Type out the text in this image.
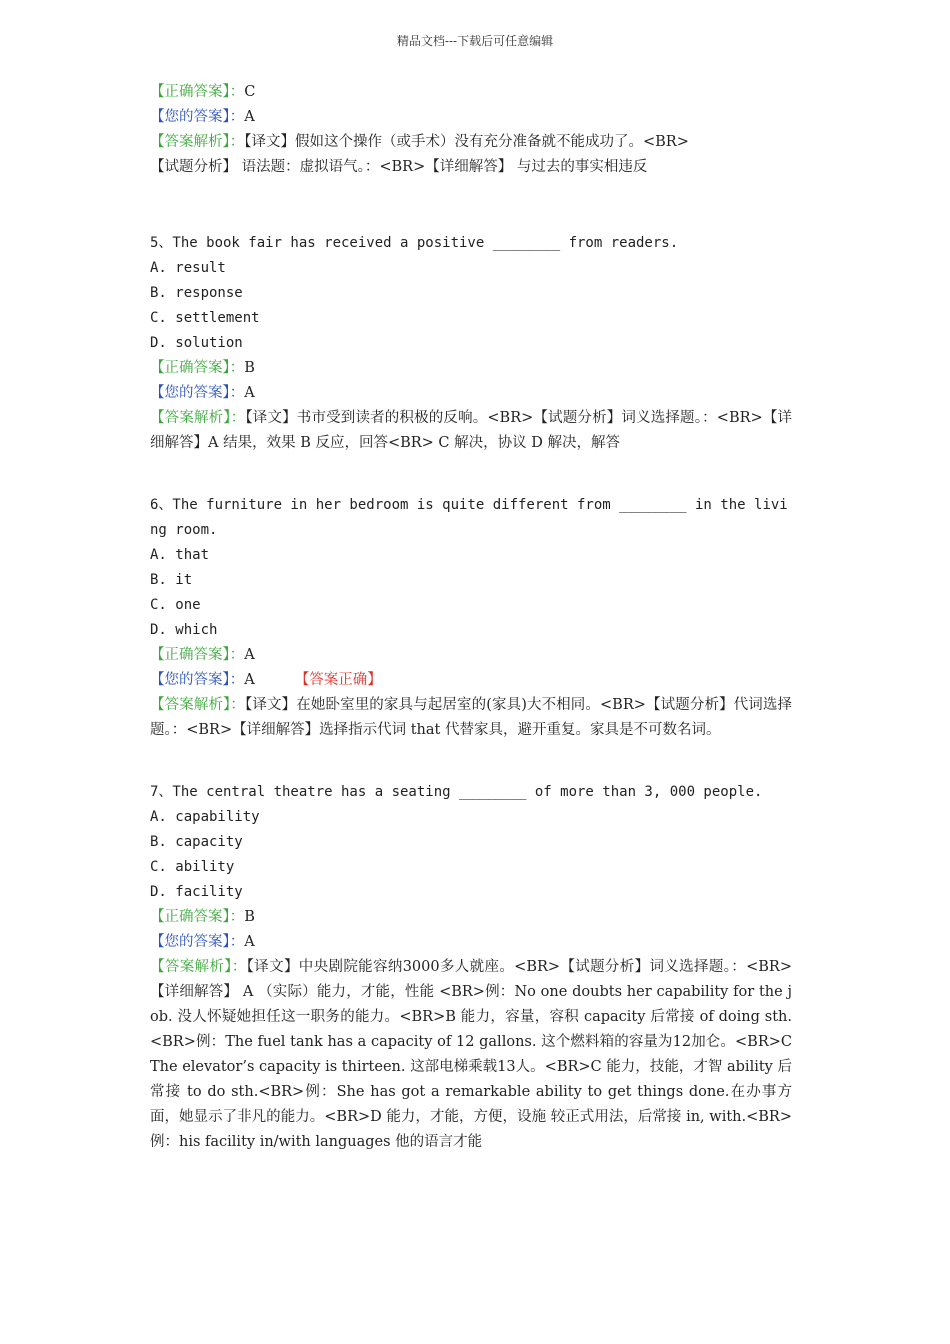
精品文档---下载后可任意编辑

【正确答案】：C

【您的答案】：A

【答案解析】：【译文】假如这个操作（或手术）没有充分准备就不能成功了。<BR>

【试题分析】 语法题：虚拟语气。：<BR>【详细解答】 与过去的事实相违反

5、The book fair has received a positive ________ from readers.

A. result

B. response

C. settlement

D. solution

【正确答案】：B

【您的答案】：A

【答案解析】：【译文】书市受到读者的积极的反响。<BR>【试题分析】词义选择题。：<BR>【详细解答】A 结果，效果 B 反应，回答<BR> C 解决，协议 D 解决，解答

6、The furniture in her bedroom is quite different from ________ in the living room.

A. that

B. it

C. one

D. which

【正确答案】：A

【您的答案】：A	【答案正确】

【答案解析】：【译文】在她卧室里的家具与起居室的(家具)大不相同。<BR>【试题分析】代词选择题。：<BR>【详细解答】选择指示代词 that 代替家具，避开重复。家具是不可数名词。

7、The central theatre has a seating ________ of more than 3, 000 people.

A. capability

B. capacity

C. ability

D. facility

【正确答案】：B

【您的答案】：A

【答案解析】：【译文】中央剧院能容纳3000多人就座。<BR>【试题分析】词义选择题。：<BR>【详细解答】 A （实际）能力，才能，性能 <BR>例：No one doubts her capability for the job. 没人怀疑她担任这一职务的能力。<BR>B 能力，容量，容积 capacity 后常接 of doing sth.<BR>例：The fuel tank has a capacity of 12 gallons. 这个燃料箱的容量为12加仑。<BR>C The elevator’s capacity is thirteen. 这部电梯乘载13人。<BR>C 能力，技能，才智 ability 后常接 to do sth.<BR>例：She has got a remarkable ability to get things done.在办事方面，她显示了非凡的能力。<BR>D 能力，才能，方便，设施 较正式用法，后常接 in, with.<BR>例：his facility in/with languages 他的语言才能
